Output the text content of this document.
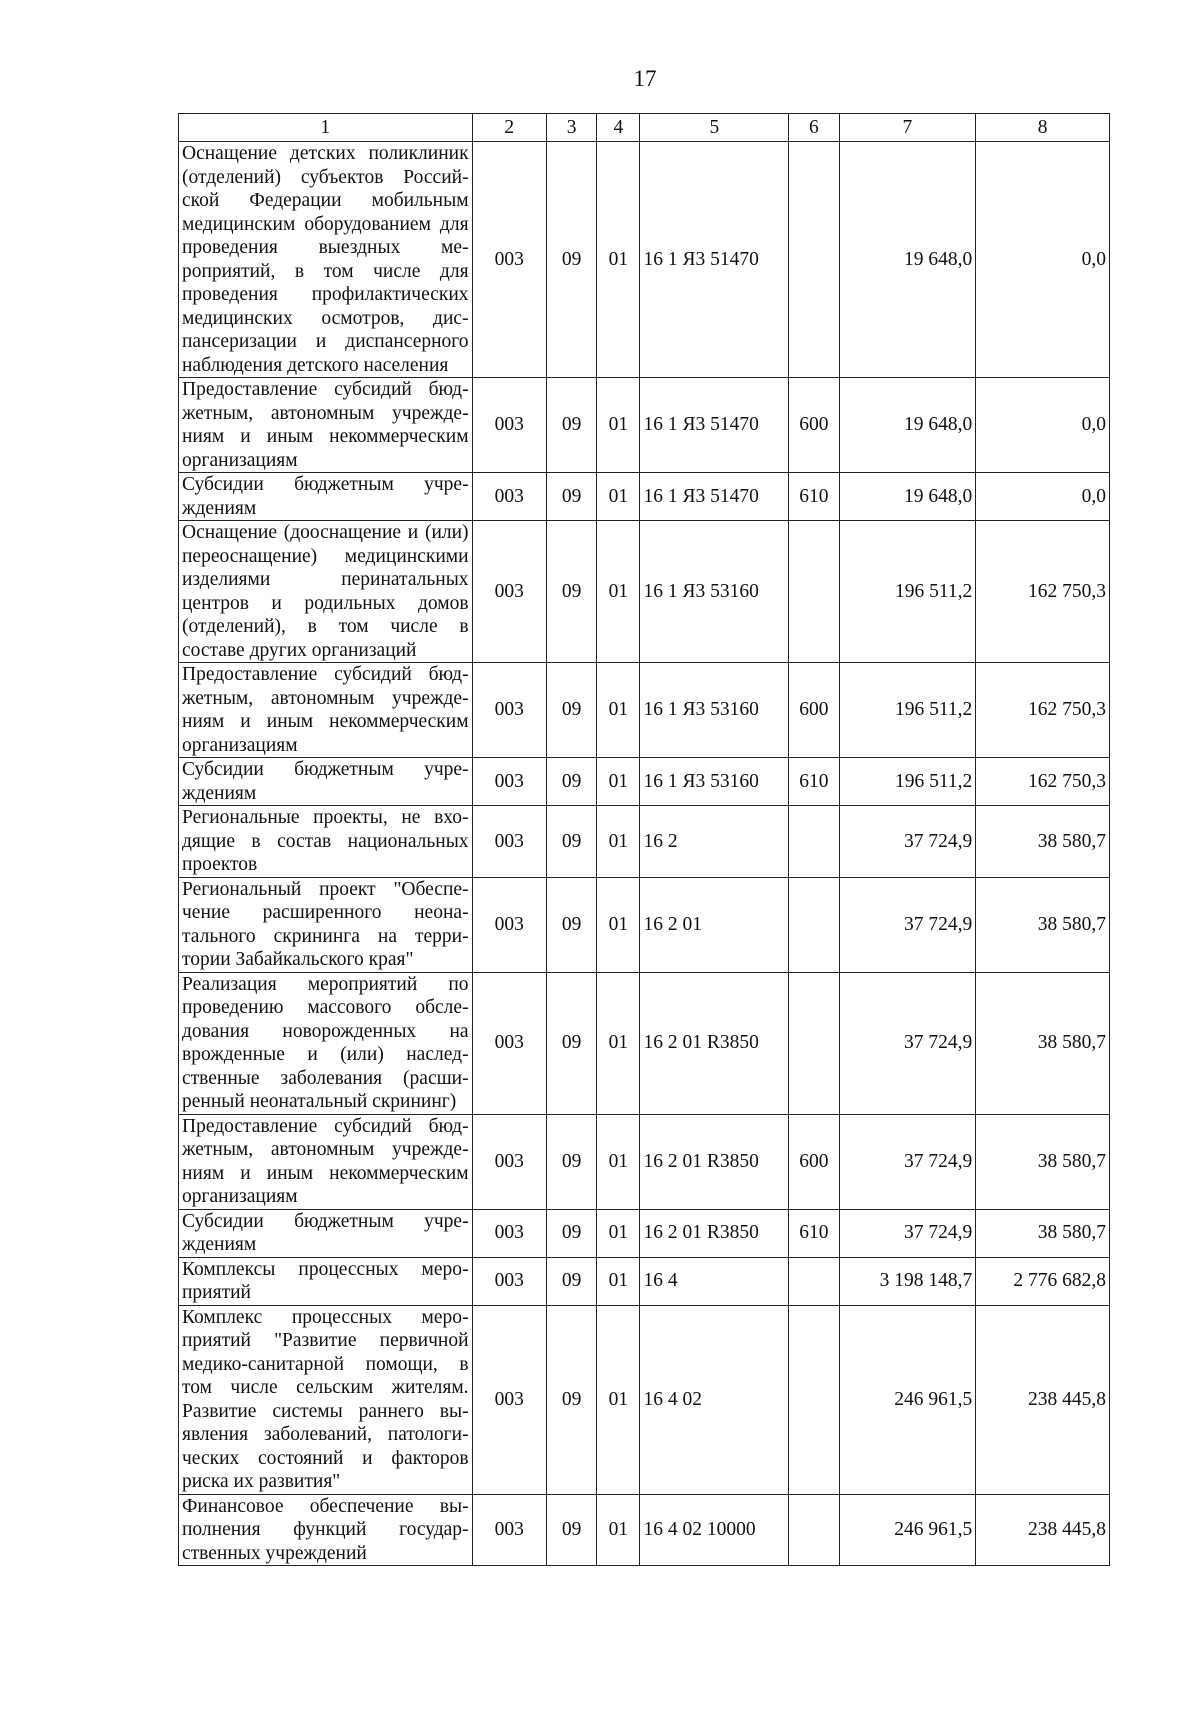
17
1	2	3	4	5	6	7	8
Оснащение детских поликлиник (отделений) субъектов Российской Федерации мобильным медицинским оборудованием для проведения выездных мероприятий, в том числе для проведения профилактических медицинских осмотров, диспансеризации и диспансерного наблюдения детского населения	003	09	01	16 1 Я3 51470		19 648,0	0,0
Предоставление субсидий бюджетным, автономным учреждениям и иным некоммерческим организациям	003	09	01	16 1 Я3 51470	600	19 648,0	0,0
Субсидии бюджетным учреждениям	003	09	01	16 1 Я3 51470	610	19 648,0	0,0
Оснащение (дооснащение и (или) переоснащение) медицинскими изделиями перинатальных центров и родильных домов (отделений), в том числе в составе других организаций	003	09	01	16 1 Я3 53160		196 511,2	162 750,3
Предоставление субсидий бюджетным, автономным учреждениям и иным некоммерческим организациям	003	09	01	16 1 Я3 53160	600	196 511,2	162 750,3
Субсидии бюджетным учреждениям	003	09	01	16 1 Я3 53160	610	196 511,2	162 750,3
Региональные проекты, не входящие в состав национальных проектов	003	09	01	16 2		37 724,9	38 580,7
Региональный проект "Обеспечение расширенного неонатального скрининга на территории Забайкальского края"	003	09	01	16 2 01		37 724,9	38 580,7
Реализация мероприятий по проведению массового обследования новорожденных на врожденные и (или) наследственные заболевания (расширенный неонатальный скрининг)	003	09	01	16 2 01 R3850		37 724,9	38 580,7
Предоставление субсидий бюджетным, автономным учреждениям и иным некоммерческим организациям	003	09	01	16 2 01 R3850	600	37 724,9	38 580,7
Субсидии бюджетным учреждениям	003	09	01	16 2 01 R3850	610	37 724,9	38 580,7
Комплексы процессных мероприятий	003	09	01	16 4		3 198 148,7	2 776 682,8
Комплекс процессных мероприятий "Развитие первичной медико-санитарной помощи, в том числе сельским жителям. Развитие системы раннего выявления заболеваний, патологических состояний и факторов риска их развития"	003	09	01	16 4 02		246 961,5	238 445,8
Финансовое обеспечение выполнения функций государственных учреждений	003	09	01	16 4 02 10000		246 961,5	238 445,8
